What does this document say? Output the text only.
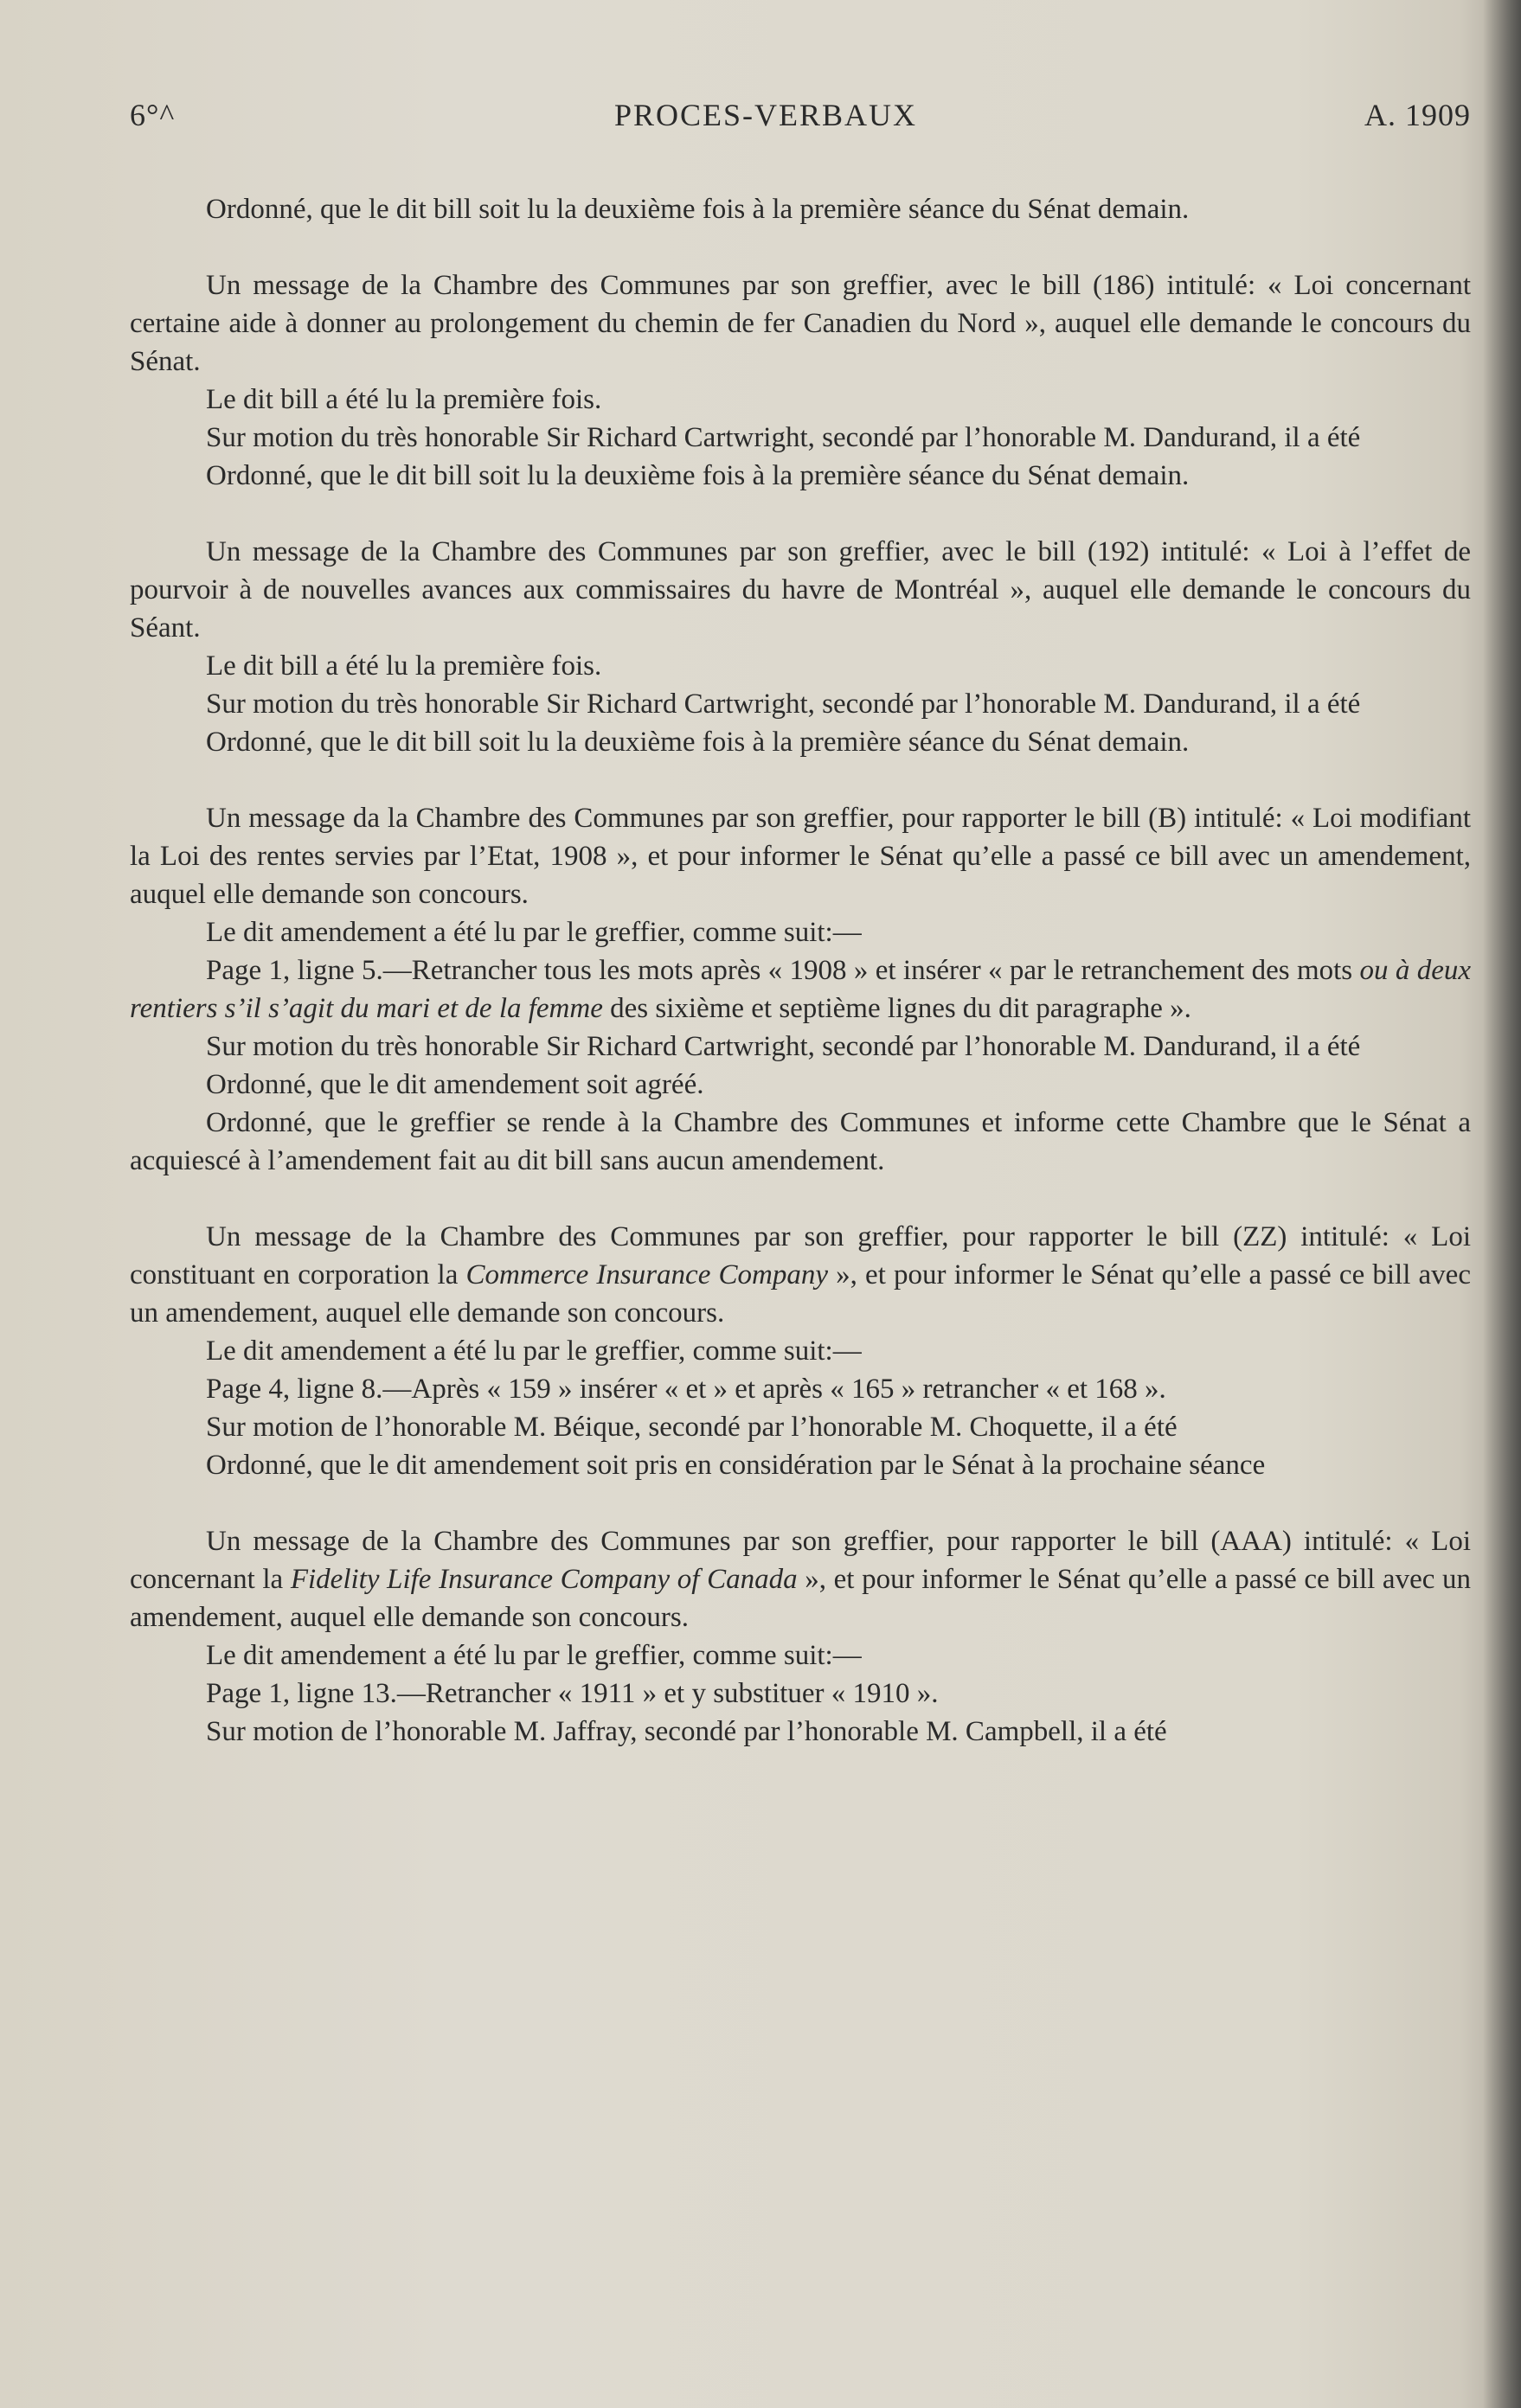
6°^	PROCES-VERBAUX	A. 1909

Ordonné, que le dit bill soit lu la deuxième fois à la première séance du Sénat demain.

Un message de la Chambre des Communes par son greffier, avec le bill (186) intitulé: « Loi concernant certaine aide à donner au prolongement du chemin de fer Canadien du Nord », auquel elle demande le concours du Sénat.

Le dit bill a été lu la première fois.

Sur motion du très honorable Sir Richard Cartwright, secondé par l’honorable M. Dandurand, il a été

Ordonné, que le dit bill soit lu la deuxième fois à la première séance du Sénat demain.

Un message de la Chambre des Communes par son greffier, avec le bill (192) intitulé: « Loi à l’effet de pourvoir à de nouvelles avances aux commissaires du havre de Montréal », auquel elle demande le concours du Séant.

Le dit bill a été lu la première fois.

Sur motion du très honorable Sir Richard Cartwright, secondé par l’honorable M. Dandurand, il a été

Ordonné, que le dit bill soit lu la deuxième fois à la première séance du Sénat demain.

Un message da la Chambre des Communes par son greffier, pour rapporter le bill (B) intitulé: « Loi modifiant la Loi des rentes servies par l’Etat, 1908 », et pour informer le Sénat qu’elle a passé ce bill avec un amendement, auquel elle demande son concours.

Le dit amendement a été lu par le greffier, comme suit:—

Page 1, ligne 5.—Retrancher tous les mots après « 1908 » et insérer « par le retranchement des mots ou à deux rentiers s’il s’agit du mari et de la femme des sixième et septième lignes du dit paragraphe ».

Sur motion du très honorable Sir Richard Cartwright, secondé par l’honorable M. Dandurand, il a été

Ordonné, que le dit amendement soit agréé.

Ordonné, que le greffier se rende à la Chambre des Communes et informe cette Chambre que le Sénat a acquiescé à l’amendement fait au dit bill sans aucun amendement.

Un message de la Chambre des Communes par son greffier, pour rapporter le bill (ZZ) intitulé: « Loi constituant en corporation la Commerce Insurance Company », et pour informer le Sénat qu’elle a passé ce bill avec un amendement, auquel elle demande son concours.

Le dit amendement a été lu par le greffier, comme suit:—

Page 4, ligne 8.—Après « 159 » insérer « et » et après « 165 » retrancher « et 168 ».

Sur motion de l’honorable M. Béique, secondé par l’honorable M. Choquette, il a été

Ordonné, que le dit amendement soit pris en considération par le Sénat à la prochaine séance

Un message de la Chambre des Communes par son greffier, pour rapporter le bill (AAA) intitulé: « Loi concernant la Fidelity Life Insurance Company of Canada », et pour informer le Sénat qu’elle a passé ce bill avec un amendement, auquel elle demande son concours.

Le dit amendement a été lu par le greffier, comme suit:—

Page 1, ligne 13.—Retrancher « 1911 » et y substituer « 1910 ».

Sur motion de l’honorable M. Jaffray, secondé par l’honorable M. Campbell, il a été
